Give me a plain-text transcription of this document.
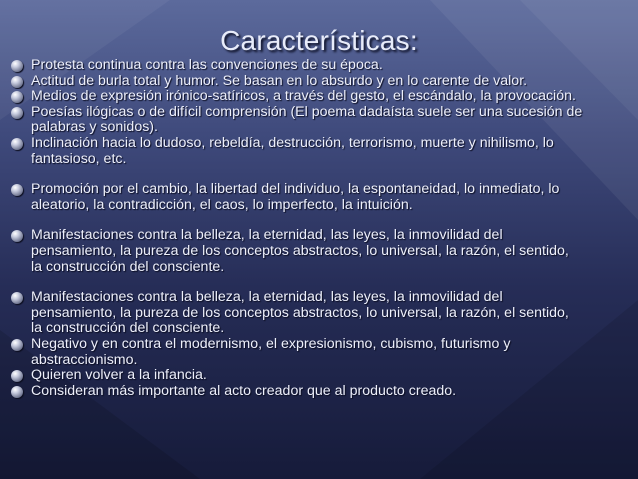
Características:
Protesta continua contra las convenciones de su época.
Actitud de burla total y humor. Se basan en lo absurdo y en lo carente de valor.
Medios de expresión irónico-satíricos, a través del gesto, el escándalo, la provocación.
Poesías ilógicas o de difícil comprensión (El poema dadaísta suele ser una sucesión de
palabras y sonidos).
Inclinación hacia lo dudoso, rebeldía, destrucción, terrorismo, muerte y nihilismo, lo
fantasioso, etc.
Promoción por el cambio, la libertad del individuo, la espontaneidad, lo inmediato, lo
aleatorio, la contradicción, el caos, lo imperfecto, la intuición.
Manifestaciones contra la belleza, la eternidad, las leyes, la inmovilidad del
pensamiento, la pureza de los conceptos abstractos, lo universal, la razón, el sentido,
la construcción del consciente.
Manifestaciones contra la belleza, la eternidad, las leyes, la inmovilidad del
pensamiento, la pureza de los conceptos abstractos, lo universal, la razón, el sentido,
la construcción del consciente.
Negativo y en contra el modernismo, el expresionismo, cubismo, futurismo y
abstraccionismo.
Quieren volver a la infancia.
Consideran más importante al acto creador que al producto creado.
